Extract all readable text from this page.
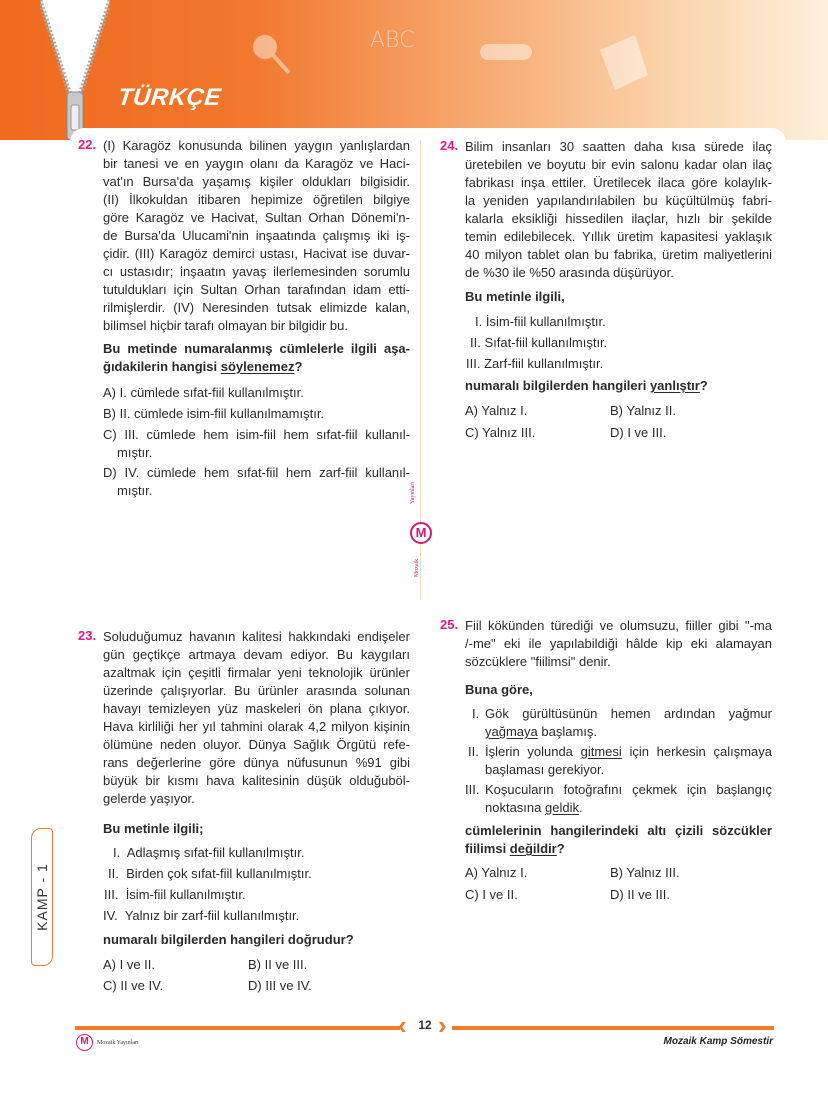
ABC
TÜRKÇE
Yayınları
M
Mozaik
22. (I) Karagöz konusunda bilinen yaygın yanlışlardan
bir tanesi ve en yaygın olanı da Karagöz ve Haci-
vat'ın Bursa'da yaşamış kişiler oldukları bilgisidir.
(II) İlkokuldan itibaren hepimize öğretilen bilgiye
göre Karagöz ve Hacivat, Sultan Orhan Dönemi'n-
de Bursa'da Ulucami'nin inşaatında çalışmış iki iş-
çidir. (III) Karagöz demirci ustası, Hacivat ise duvar-
cı ustasıdır; inşaatın yavaş ilerlemesinden sorumlu
tutuldukları için Sultan Orhan tarafından idam etti-
rilmişlerdir. (IV) Neresinden tutsak elimizde kalan,
bilimsel hiçbir tarafı olmayan bir bilgidir bu.
Bu metinde numaralanmış cümlelerle ilgili aşa-
ğıdakilerin hangisi söylenemez?
A) I. cümlede sıfat-fiil kullanılmıştır.
B) II. cümlede isim-fiil kullanılmamıştır.
C) III. cümlede hem isim-fiil hem sıfat-fiil kullanıl-
mıştır.
D) IV. cümlede hem sıfat-fiil hem zarf-fiil kullanıl-
mıştır.
24. Bilim insanları 30 saatten daha kısa sürede ilaç
üretebilen ve boyutu bir evin salonu kadar olan ilaç
fabrikası inşa ettiler. Üretilecek ilaca göre kolaylık-
la yeniden yapılandırılabilen bu küçültülmüş fabri-
kalarla eksikliği hissedilen ilaçlar, hızlı bir şekilde
temin edilebilecek. Yıllık üretim kapasitesi yaklaşık
40 milyon tablet olan bu fabrika, üretim maliyetlerini
de %30 ile %50 arasında düşürüyor.
Bu metinle ilgili,
I. İsim-fiil kullanılmıştır.
II. Sıfat-fiil kullanılmıştır.
III. Zarf-fiil kullanılmıştır.
numaralı bilgilerden hangileri yanlıştır?
A) Yalnız I.	B) Yalnız II.
C) Yalnız III.	D) I ve III.
23. Soluduğumuz havanın kalitesi hakkındaki endişeler
gün geçtikçe artmaya devam ediyor. Bu kaygıları
azaltmak için çeşitli firmalar yeni teknolojik ürünler
üzerinde çalışıyorlar. Bu ürünler arasında solunan
havayı temizleyen yüz maskeleri ön plana çıkıyor.
Hava kirliliği her yıl tahmini olarak 4,2 milyon kişinin
ölümüne neden oluyor. Dünya Sağlık Örgütü refe-
rans değerlerine göre dünya nüfusunun %91 gibi
büyük bir kısmı hava kalitesinin düşük olduğuböl-
gelerde yaşıyor.
Bu metinle ilgili;
I. Adlaşmış sıfat-fiil kullanılmıştır.
II. Birden çok sıfat-fiil kullanılmıştır.
III. İsim-fiil kullanılmıştır.
IV. Yalnız bir zarf-fiil kullanılmıştır.
numaralı bilgilerden hangileri doğrudur?
A) I ve II.	B) II ve III.
C) II ve IV.	D) III ve IV.
25. Fiil kökünden türediği ve olumsuzu, fiiller gibi "-ma
/-me" eki ile yapılabildiği hâlde kip eki alamayan
sözcüklere "fiilimsi" denir.
Buna göre,
I. Gök gürültüsünün hemen ardından yağmur
yağmaya başlamış.
II. İşlerin yolunda gitmesi için herkesin çalışmaya
başlaması gerekiyor.
III. Koşucuların fotoğrafını çekmek için başlangıç
noktasına geldik.
cümlelerinin hangilerindeki altı çizili sözcükler
fiilimsi değildir?
A) Yalnız I.	B) Yalnız III.
C) I ve II.	D) II ve III.
KAMP - 1
‹ 12 ›
M	Mozaik Yayınları	Mozaik Kamp Sömestir
